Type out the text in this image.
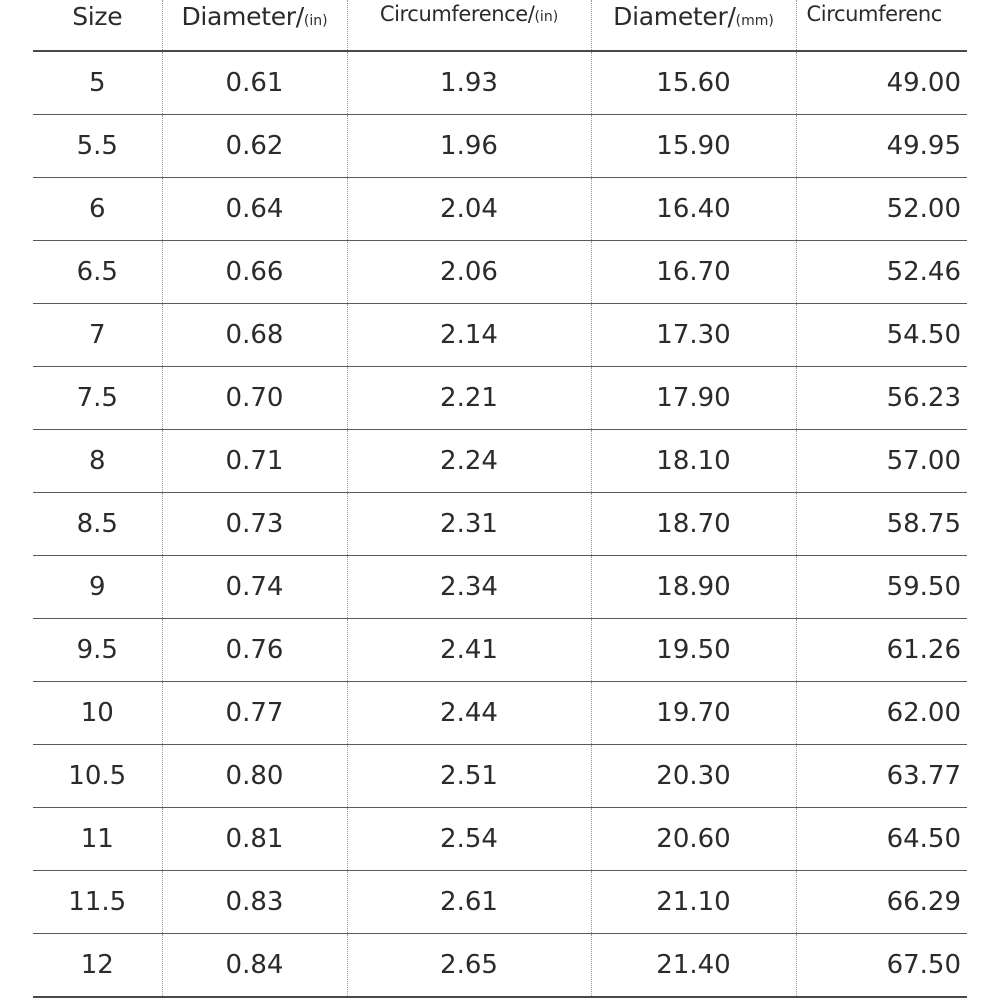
Size	Diameter/(in)	Circumference/(in)	Diameter/(mm)	Circumferenc
5	0.61	1.93	15.60	49.00
5.5	0.62	1.96	15.90	49.95
6	0.64	2.04	16.40	52.00
6.5	0.66	2.06	16.70	52.46
7	0.68	2.14	17.30	54.50
7.5	0.70	2.21	17.90	56.23
8	0.71	2.24	18.10	57.00
8.5	0.73	2.31	18.70	58.75
9	0.74	2.34	18.90	59.50
9.5	0.76	2.41	19.50	61.26
10	0.77	2.44	19.70	62.00
10.5	0.80	2.51	20.30	63.77
11	0.81	2.54	20.60	64.50
11.5	0.83	2.61	21.10	66.29
12	0.84	2.65	21.40	67.50
